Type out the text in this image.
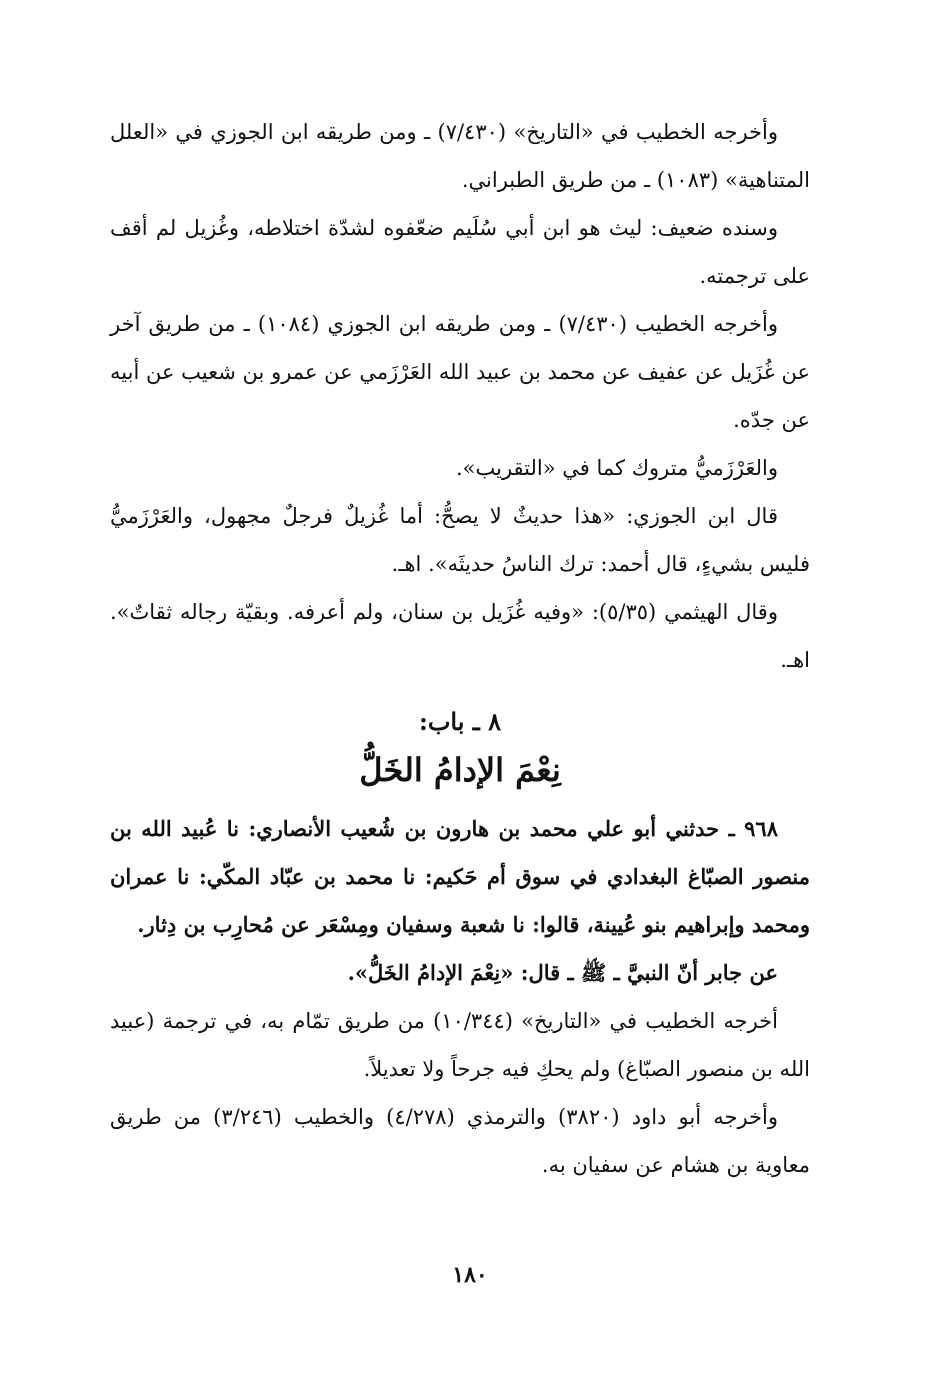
وأخرجه الخطيب في «التاريخ» (٧/٤٣٠) ـ ومن طريقه ابن الجوزي في «العلل المتناهية» (١٠٨٣) ـ من طريق الطبراني.

وسنده ضعيف: ليث هو ابن أبي سُلَيم ضعّفوه لشدّة اختلاطه، وغُزيل لم أقف على ترجمته.

وأخرجه الخطيب (٧/٤٣٠) ـ ومن طريقه ابن الجوزي (١٠٨٤) ـ من طريق آخر عن غُزَيل عن عفيف عن محمد بن عبيد الله العَرْزَمي عن عمرو بن شعيب عن أبيه عن جدّه.

والعَرْزَميُّ متروك كما في «التقريب».

قال ابن الجوزي: «هذا حديثٌ لا يصحُّ: أما غُزيلٌ فرجلٌ مجهول، والعَرْزَميُّ فليس بشيءٍ، قال أحمد: ترك الناسُ حديثَه». اهـ.

وقال الهيثمي (٥/٣٥): «وفيه غُزَيل بن سنان، ولم أعرفه. وبقيّة رجاله ثقاتٌ». اهـ.

٨ ـ باب:
نِعْمَ الإدامُ الخَلُّ

٩٦٨ ـ حدثني أبو علي محمد بن هارون بن شُعيب الأنصاري: نا عُبيد الله بن منصور الصبّاغ البغدادي في سوق أم حَكيم: نا محمد بن عبّاد المكّي: نا عمران ومحمد وإبراهيم بنو عُيينة، قالوا: نا شعبة وسفيان ومِسْعَر عن مُحارِب بن دِثار.

عن جابر أنّ النبيَّ ـ ﷺ ـ قال: «نِعْمَ الإدامُ الخَلُّ».

أخرجه الخطيب في «التاريخ» (١٠/٣٤٤) من طريق تمّام به، في ترجمة (عبيد الله بن منصور الصبّاغ) ولم يحكِ فيه جرحاً ولا تعديلاً.

وأخرجه أبو داود (٣٨٢٠) والترمذي (٤/٢٧٨) والخطيب (٣/٢٤٦) من طريق معاوية بن هشام عن سفيان به.

١٨٠
